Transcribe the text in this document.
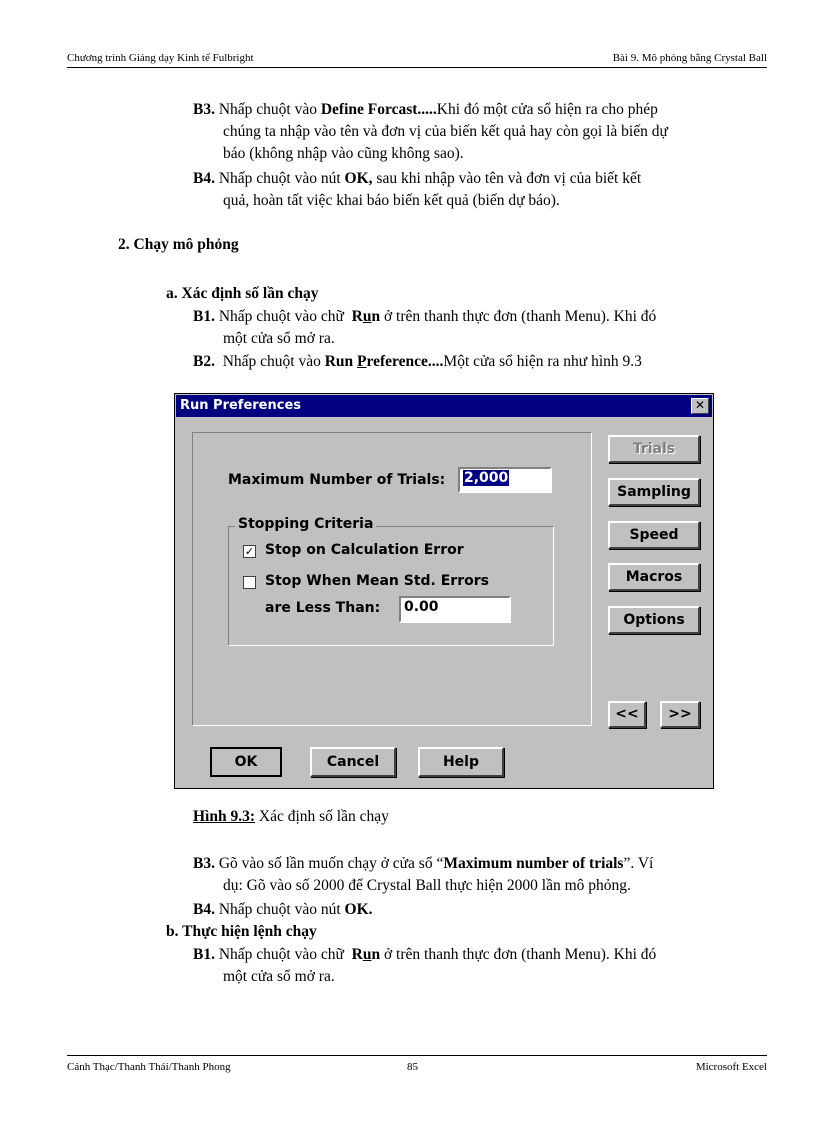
Chương trình Giảng dạy Kinh tế Fulbright	Bài 9. Mô phỏng bằng Crystal Ball
B3. Nhấp chuột vào Define Forcast.....Khi đó một cửa sổ hiện ra cho phép
chúng ta nhập vào tên và đơn vị của biến kết quả hay còn gọi là biến dự
báo (không nhập vào cũng không sao).
B4. Nhấp chuột vào nút OK, sau khi nhập vào tên và đơn vị của biết kết
quả, hoàn tất việc khai báo biến kết quả (biến dự báo).
2. Chạy mô phỏng
a. Xác định số lần chạy
B1. Nhấp chuột vào chữ Run ở trên thanh thực đơn (thanh Menu). Khi đó
một cửa sổ mở ra.
B2. Nhấp chuột vào Run Preference....Một cửa sổ hiện ra như hình 9.3
Run Preferences	✕
Maximum Number of Trials:	2,000
Stopping Criteria
✓ Stop on Calculation Error
Stop When Mean Std. Errors
are Less Than:	0.00
Trials
Sampling
Speed
Macros
Options
<<	>>
OK	Cancel	Help
Hình 9.3: Xác định số lần chạy
B3. Gõ vào số lần muốn chạy ở cửa sổ “Maximum number of trials”. Ví
dụ: Gõ vào số 2000 để Crystal Ball thực hiện 2000 lần mô phỏng.
B4. Nhấp chuột vào nút OK.
b. Thực hiện lệnh chạy
B1. Nhấp chuột vào chữ Run ở trên thanh thực đơn (thanh Menu). Khi đó
một cửa sổ mở ra.
Cảnh Thạc/Thanh Thái/Thanh Phong	85	Microsoft Excel
